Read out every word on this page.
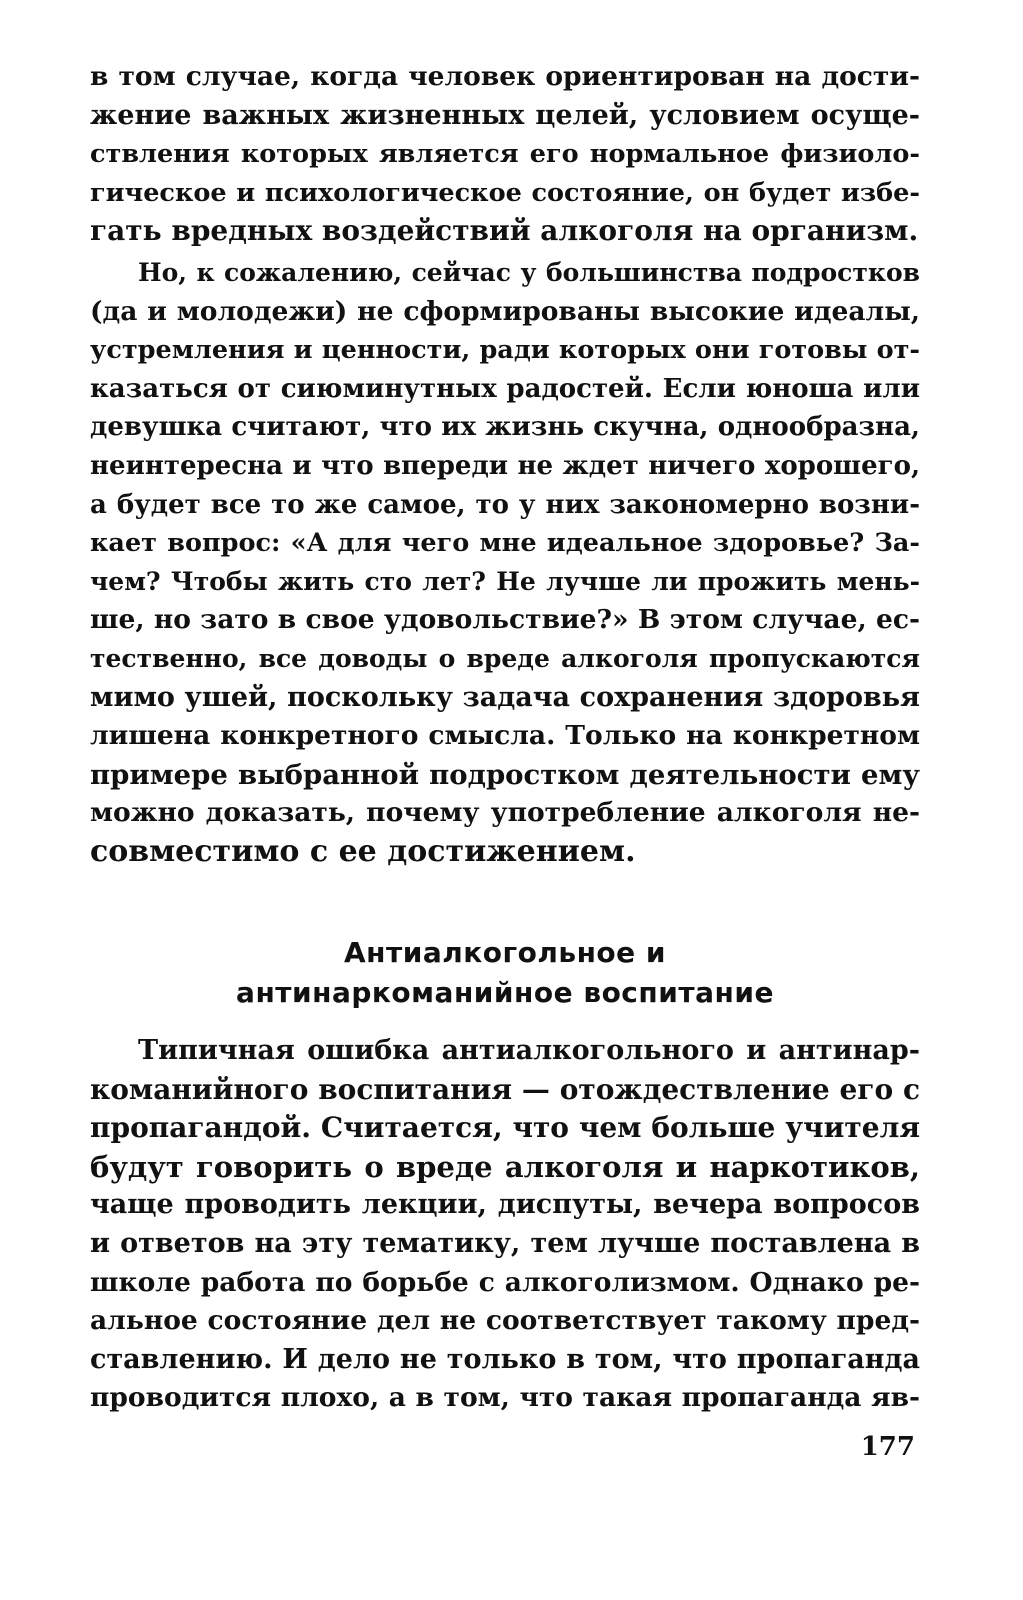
в том случае, когда человек ориентирован на дости-
жение важных жизненных целей, условием осуще-
ствления которых является его нормальное физиоло-
гическое и психологическое состояние, он будет избе-
гать вредных воздействий алкоголя на организм.
Но, к сожалению, сейчас у большинства подростков
(да и молодежи) не сформированы высокие идеалы,
устремления и ценности, ради которых они готовы от-
казаться от сиюминутных радостей. Если юноша или
девушка считают, что их жизнь скучна, однообразна,
неинтересна и что впереди не ждет ничего хорошего,
а будет все то же самое, то у них закономерно возни-
кает вопрос: «А для чего мне идеальное здоровье? За-
чем? Чтобы жить сто лет? Не лучше ли прожить мень-
ше, но зато в свое удовольствие?» В этом случае, ес-
тественно, все доводы о вреде алкоголя пропускаются
мимо ушей, поскольку задача сохранения здоровья
лишена конкретного смысла. Только на конкретном
примере выбранной подростком деятельности ему
можно доказать, почему употребление алкоголя не-
совместимо с ее достижением.
Антиалкогольное и
антинаркоманийное воспитание
Типичная ошибка антиалкогольного и антинар-
команийного воспитания — отождествление его с
пропагандой. Считается, что чем больше учителя
будут говорить о вреде алкоголя и наркотиков,
чаще проводить лекции, диспуты, вечера вопросов
и ответов на эту тематику, тем лучше поставлена в
школе работа по борьбе с алкоголизмом. Однако ре-
альное состояние дел не соответствует такому пред-
ставлению. И дело не только в том, что пропаганда
проводится плохо, а в том, что такая пропаганда яв-
177
